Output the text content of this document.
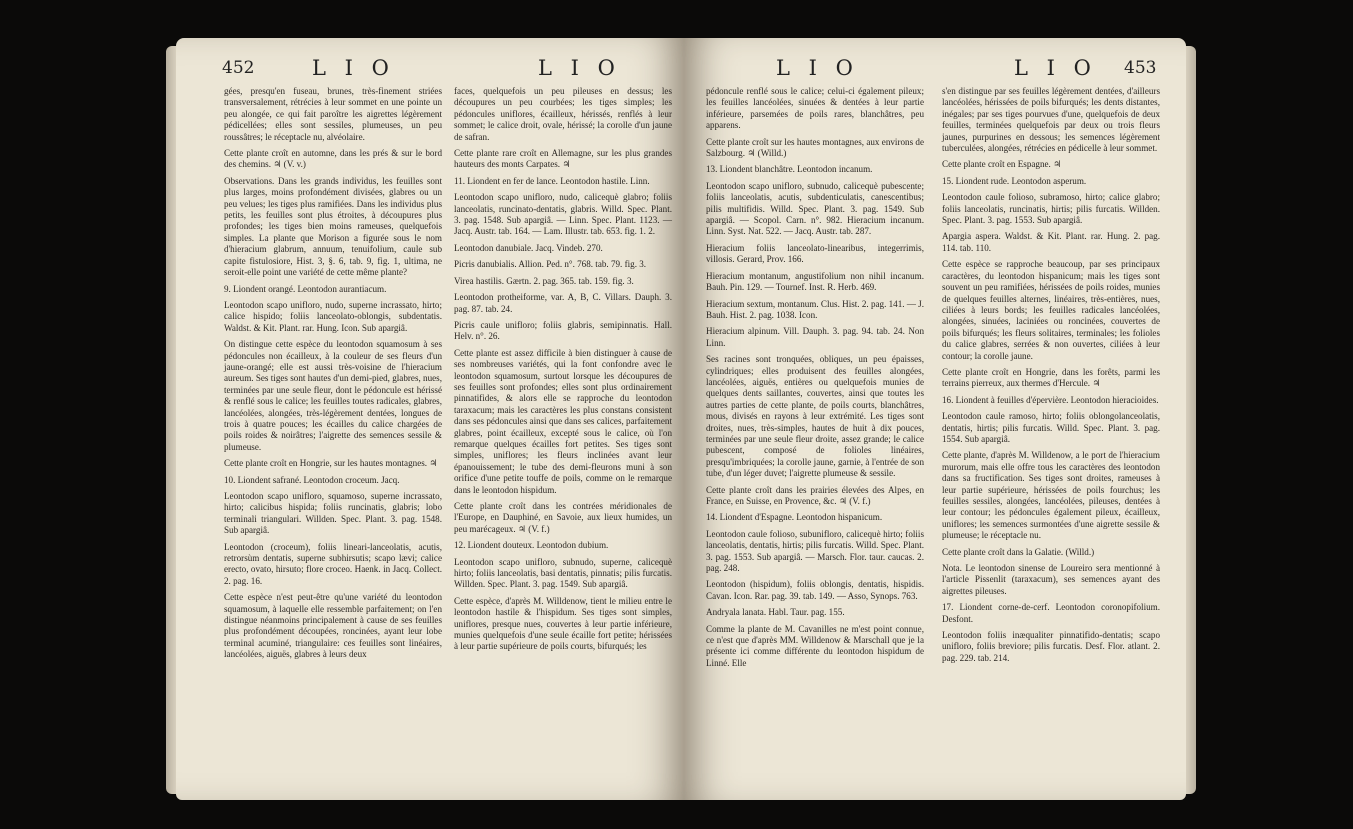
452	L I O	L I O

gées, presqu'en fuseau, brunes, très-finement striées transversalement, rétrécies à leur sommet en une pointe un peu alongée, ce qui fait paroître les aigrettes légèrement pédicellées; elles sont sessiles, plumeuses, un peu roussâtres; le réceptacle nu, alvéolaire.

Cette plante croît en automne, dans les prés & sur le bord des chemins. ♃ (V. v.)

Observations. Dans les grands individus, les feuilles sont plus larges, moins profondément divisées, glabres ou un peu velues; les tiges plus ramifiées. Dans les individus plus petits, les feuilles sont plus étroites, à découpures plus profondes; les tiges bien moins rameuses, quelquefois simples. La plante que Morison a figurée sous le nom d'hieracium glabrum, annuum, tenuifolium, caule sub capite fistulosiore, Hist. 3, §. 6, tab. 9, fig. 1, ultima, ne seroit-elle point une variété de cette même plante?

9. Liondent orangé. Leontodon aurantiacum.

Leontodon scapo unifloro, nudo, superne incrassato, hirto; calice hispido; foliis lanceolato-oblongis, subdentatis. Waldst. & Kit. Plant. rar. Hung. Icon. Sub apargiâ.

On distingue cette espèce du leontodon squamosum à ses pédoncules non écailleux, à la couleur de ses fleurs d'un jaune-orangé; elle est aussi très-voisine de l'hieracium aureum. Ses tiges sont hautes d'un demi-pied, glabres, nues, terminées par une seule fleur, dont le pédoncule est hérissé & renflé sous le calice; les feuilles toutes radicales, glabres, lancéolées, alongées, très-légèrement dentées, longues de trois à quatre pouces; les écailles du calice chargées de poils roides & noirâtres; l'aigrette des semences sessile & plumeuse.

Cette plante croît en Hongrie, sur les hautes montagnes. ♃

10. Liondent safrané. Leontodon croceum. Jacq.

Leontodon scapo unifloro, squamoso, superne incrassato, hirto; calicibus hispida; foliis runcinatis, glabris; lobo terminali triangulari. Willden. Spec. Plant. 3. pag. 1548. Sub apargiâ.

Leontodon (croceum), foliis lineari-lanceolatis, acutis, retrorsùm dentatis, superne subhirsutis; scapo lævi; calice erecto, ovato, hirsuto; flore croceo. Haenk. in Jacq. Collect. 2. pag. 16.

Cette espèce n'est peut-être qu'une variété du leontodon squamosum, à laquelle elle ressemble parfaitement; on l'en distingue néanmoins principalement à cause de ses feuilles plus profondément découpées, roncinées, ayant leur lobe terminal acuminé, triangulaire: ces feuilles sont linéaires, lancéolées, aiguës, glabres à leurs deux

faces, quelquefois un peu pileuses en dessus; les découpures un peu courbées; les tiges simples; les pédoncules uniflores, écailleux, hérissés, renflés à leur sommet; le calice droit, ovale, hérissé; la corolle d'un jaune de safran.

Cette plante rare croît en Allemagne, sur les plus grandes hauteurs des monts Carpates. ♃

11. Liondent en fer de lance. Leontodon hastile. Linn.

Leontodon scapo unifloro, nudo, calicequè glabro; foliis lanceolatis, runcinato-dentatis, glabris. Willd. Spec. Plant. 3. pag. 1548. Sub apargiâ. — Linn. Spec. Plant. 1123. — Jacq. Austr. tab. 164. — Lam. Illustr. tab. 653. fig. 1. 2.

Leontodon danubiale. Jacq. Vindeb. 270.

Picris danubialis. Allion. Ped. n°. 768. tab. 79. fig. 3.

Virea hastilis. Gærtn. 2. pag. 365. tab. 159. fig. 3.

Leontodon protheiforme, var. A, B, C. Villars. Dauph. 3. pag. 87. tab. 24.

Picris caule unifloro; foliis glabris, semipinnatis. Hall. Helv. n°. 26.

Cette plante est assez difficile à bien distinguer à cause de ses nombreuses variétés, qui la font confondre avec le leontodon squamosum, surtout lorsque les découpures de ses feuilles sont profondes; elles sont plus ordinairement pinnatifides, & alors elle se rapproche du leontodon taraxacum; mais les caractères les plus constans consistent dans ses pédoncules ainsi que dans ses calices, parfaitement glabres, point écailleux, excepté sous le calice, où l'on remarque quelques écailles fort petites. Ses tiges sont simples, uniflores; les fleurs inclinées avant leur épanouissement; le tube des demi-fleurons muni à son orifice d'une petite touffe de poils, comme on le remarque dans le leontodon hispidum.

Cette plante croît dans les contrées méridionales de l'Europe, en Dauphiné, en Savoie, aux lieux humides, un peu marécageux. ♃ (V. f.)

12. Liondent douteux. Leontodon dubium.

Leontodon scapo unifloro, subnudo, superne, calicequè hirto; foliis lanceolatis, basi dentatis, pinnatis; pilis furcatis. Willden. Spec. Plant. 3. pag. 1549. Sub apargiâ.

Cette espèce, d'après M. Willdenow, tient le milieu entre le leontodon hastile & l'hispidum. Ses tiges sont simples, uniflores, presque nues, couvertes à leur partie inférieure, munies quelquefois d'une seule écaille fort petite; hérissées à leur partie supérieure de poils courts, bifurqués; les

L I O	L I O 453

pédoncule renflé sous le calice; celui-ci également pileux; les feuilles lancéolées, sinuées & dentées à leur partie inférieure, parsemées de poils rares, blanchâtres, peu apparens.

Cette plante croît sur les hautes montagnes, aux environs de Salzbourg. ♃ (Willd.)

13. Liondent blanchâtre. Leontodon incanum.

Leontodon scapo unifloro, subnudo, calicequè pubescente; foliis lanceolatis, acutis, subdenticulatis, canescentibus; pilis multifidis. Willd. Spec. Plant. 3. pag. 1549. Sub apargiâ. — Scopol. Carn. n°. 982. Hieracium incanum. Linn. Syst. Nat. 522. — Jacq. Austr. tab. 287.

Hieracium foliis lanceolato-linearibus, integerrimis, villosis. Gerard, Prov. 166.

Hieracium montanum, angustifolium non nihil incanum. Bauh. Pin. 129. — Tournef. Inst. R. Herb. 469.

Hieracium sextum, montanum. Clus. Hist. 2. pag. 141. — J. Bauh. Hist. 2. pag. 1038. Icon.

Hieracium alpinum. Vill. Dauph. 3. pag. 94. tab. 24. Non Linn.

Ses racines sont tronquées, obliques, un peu épaisses, cylindriques; elles produisent des feuilles alongées, lancéolées, aiguës, entières ou quelquefois munies de quelques dents saillantes, couvertes, ainsi que toutes les autres parties de cette plante, de poils courts, blanchâtres, mous, divisés en rayons à leur extrémité. Les tiges sont droites, nues, très-simples, hautes de huit à dix pouces, terminées par une seule fleur droite, assez grande; le calice pubescent, composé de folioles linéaires, presqu'imbriquées; la corolle jaune, garnie, à l'entrée de son tube, d'un léger duvet; l'aigrette plumeuse & sessile.

Cette plante croît dans les prairies élevées des Alpes, en France, en Suisse, en Provence, &c. ♃ (V. f.)

14. Liondent d'Espagne. Leontodon hispanicum.

Leontodon caule folioso, subunifloro, calicequè hirto; foliis lanceolatis, dentatis, hirtis; pilis furcatis. Willd. Spec. Plant. 3. pag. 1553. Sub apargiâ. — Marsch. Flor. taur. caucas. 2. pag. 248.

Leontodon (hispidum), foliis oblongis, dentatis, hispidis. Cavan. Icon. Rar. pag. 39. tab. 149. — Asso, Synops. 763.

Andryala lanata. Habl. Taur. pag. 155.

Comme la plante de M. Cavanilles ne m'est point connue, ce n'est que d'après MM. Willdenow & Marschall que je la présente ici comme différente du leontodon hispidum de Linné. Elle

s'en distingue par ses feuilles légèrement dentées, d'ailleurs lancéolées, hérissées de poils bifurqués; les dents distantes, inégales; par ses tiges pourvues d'une, quelquefois de deux feuilles, terminées quelquefois par deux ou trois fleurs jaunes, purpurines en dessous; les semences légèrement tuberculées, alongées, rétrécies en pédicelle à leur sommet.

Cette plante croît en Espagne. ♃

15. Liondent rude. Leontodon asperum.

Leontodon caule folioso, subramoso, hirto; calice glabro; foliis lanceolatis, runcinatis, hirtis; pilis furcatis. Willden. Spec. Plant. 3. pag. 1553. Sub apargiâ.

Apargia aspera. Waldst. & Kit. Plant. rar. Hung. 2. pag. 114. tab. 110.

Cette espèce se rapproche beaucoup, par ses principaux caractères, du leontodon hispanicum; mais les tiges sont souvent un peu ramifiées, hérissées de poils roides, munies de quelques feuilles alternes, linéaires, très-entières, nues, ciliées à leurs bords; les feuilles radicales lancéolées, alongées, sinuées, laciniées ou roncinées, couvertes de poils bifurqués; les fleurs solitaires, terminales; les folioles du calice glabres, serrées & non ouvertes, ciliées à leur contour; la corolle jaune.

Cette plante croît en Hongrie, dans les forêts, parmi les terrains pierreux, aux thermes d'Hercule. ♃

16. Liondent à feuilles d'épervière. Leontodon hieracioides.

Leontodon caule ramoso, hirto; foliis oblongolanceolatis, dentatis, hirtis; pilis furcatis. Willd. Spec. Plant. 3. pag. 1554. Sub apargiâ.

Cette plante, d'après M. Willdenow, a le port de l'hieracium murorum, mais elle offre tous les caractères des leontodon dans sa fructification. Ses tiges sont droites, rameuses à leur partie supérieure, hérissées de poils fourchus; les feuilles sessiles, alongées, lancéolées, pileuses, dentées à leur contour; les pédoncules également pileux, écailleux, uniflores; les semences surmontées d'une aigrette sessile & plumeuse; le réceptacle nu.

Cette plante croît dans la Galatie. (Willd.)

Nota. Le leontodon sinense de Loureiro sera mentionné à l'article Pissenlit (taraxacum), ses semences ayant des aigrettes pileuses.

17. Liondent corne-de-cerf. Leontodon coronopifolium. Desfont.

Leontodon foliis inæqualiter pinnatifido-dentatis; scapo unifloro, foliis breviore; pilis furcatis. Desf. Flor. atlant. 2. pag. 229. tab. 214.
